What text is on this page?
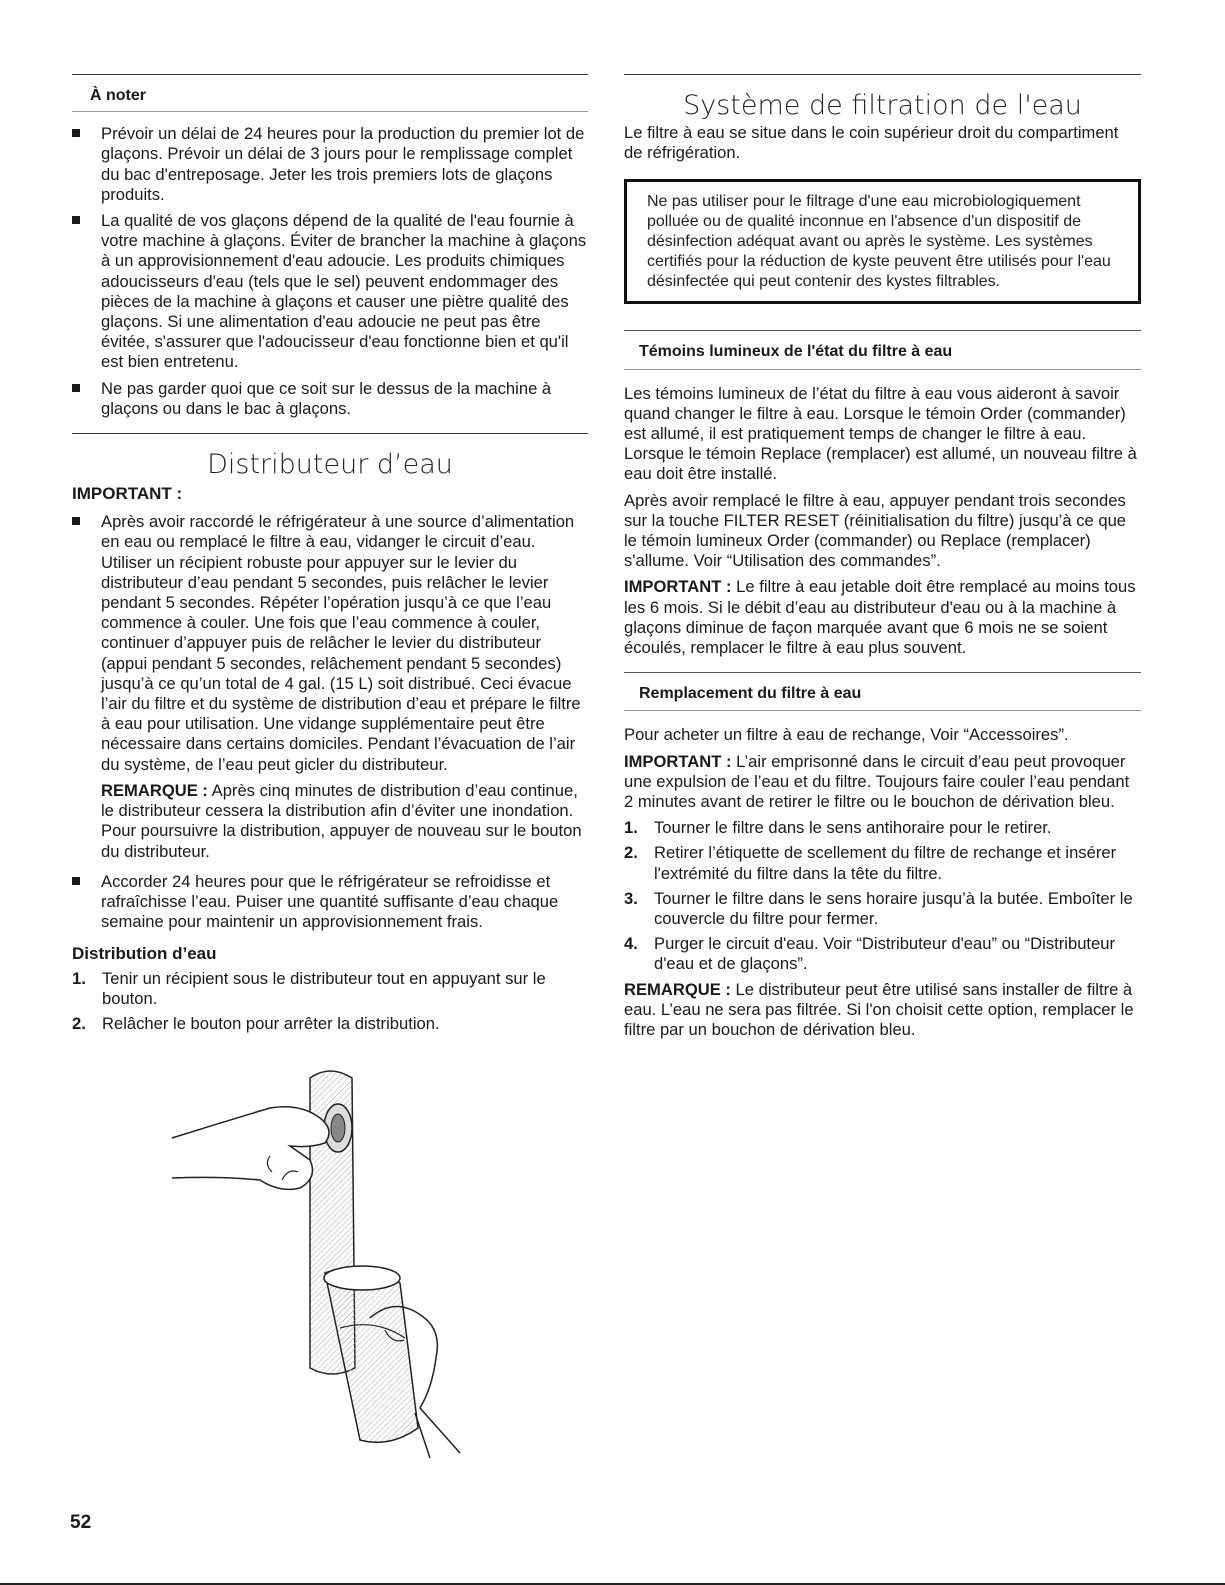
À noter
Prévoir un délai de 24 heures pour la production du premier lot de glaçons. Prévoir un délai de 3 jours pour le remplissage complet du bac d'entreposage. Jeter les trois premiers lots de glaçons produits.
La qualité de vos glaçons dépend de la qualité de l'eau fournie à votre machine à glaçons. Éviter de brancher la machine à glaçons à un approvisionnement d'eau adoucie. Les produits chimiques adoucisseurs d'eau (tels que le sel) peuvent endommager des pièces de la machine à glaçons et causer une piètre qualité des glaçons. Si une alimentation d'eau adoucie ne peut pas être évitée, s'assurer que l'adoucisseur d'eau fonctionne bien et qu'il est bien entretenu.
Ne pas garder quoi que ce soit sur le dessus de la machine à glaçons ou dans le bac à glaçons.
Distributeur d’eau
IMPORTANT :

Après avoir raccordé le réfrigérateur à une source d’alimentation en eau ou remplacé le filtre à eau, vidanger le circuit d’eau. Utiliser un récipient robuste pour appuyer sur le levier du distributeur d’eau pendant 5 secondes, puis relâcher le levier pendant 5 secondes. Répéter l’opération jusqu’à ce que l’eau commence à couler. Une fois que l’eau commence à couler, continuer d’appuyer puis de relâcher le levier du distributeur (appui pendant 5 secondes, relâchement pendant 5 secondes) jusqu’à ce qu’un total de 4 gal. (15 L) soit distribué. Ceci évacue l’air du filtre et du système de distribution d’eau et prépare le filtre à eau pour utilisation. Une vidange supplémentaire peut être nécessaire dans certains domiciles. Pendant l’évacuation de l’air du système, de l’eau peut gicler du distributeur.

REMARQUE : Après cinq minutes de distribution d’eau continue, le distributeur cessera la distribution afin d’éviter une inondation. Pour poursuivre la distribution, appuyer de nouveau sur le bouton du distributeur.

Accorder 24 heures pour que le réfrigérateur se refroidisse et rafraîchisse l’eau. Puiser une quantité suffisante d’eau chaque semaine pour maintenir un approvisionnement frais.
Distribution d’eau
1. Tenir un récipient sous le distributeur tout en appuyant sur le bouton.
2. Relâcher le bouton pour arrêter la distribution.
Système de filtration de l'eau

Le filtre à eau se situe dans le coin supérieur droit du compartiment de réfrigération.

Ne pas utiliser pour le filtrage d'une eau microbiologiquement polluée ou de qualité inconnue en l'absence d'un dispositif de désinfection adéquat avant ou après le système. Les systèmes certifiés pour la réduction de kyste peuvent être utilisés pour l'eau désinfectée qui peut contenir des kystes filtrables.
Témoins lumineux de l'état du filtre à eau

Les témoins lumineux de l’état du filtre à eau vous aideront à savoir quand changer le filtre à eau. Lorsque le témoin Order (commander) est allumé, il est pratiquement temps de changer le filtre à eau. Lorsque le témoin Replace (remplacer) est allumé, un nouveau filtre à eau doit être installé.

Après avoir remplacé le filtre à eau, appuyer pendant trois secondes sur la touche FILTER RESET (réinitialisation du filtre) jusqu’à ce que le témoin lumineux Order (commander) ou Replace (remplacer) s'allume. Voir “Utilisation des commandes”.

IMPORTANT : Le filtre à eau jetable doit être remplacé au moins tous les 6 mois. Si le débit d’eau au distributeur d'eau ou à la machine à glaçons diminue de façon marquée avant que 6 mois ne se soient écoulés, remplacer le filtre à eau plus souvent.

Remplacement du filtre à eau

Pour acheter un filtre à eau de rechange, Voir “Accessoires”.

IMPORTANT : L’air emprisonné dans le circuit d’eau peut provoquer une expulsion de l’eau et du filtre. Toujours faire couler l’eau pendant 2 minutes avant de retirer le filtre ou le bouchon de dérivation bleu.

1. Tourner le filtre dans le sens antihoraire pour le retirer.
2. Retirer l’étiquette de scellement du filtre de rechange et insérer l'extrémité du filtre dans la tête du filtre.
3. Tourner le filtre dans le sens horaire jusqu’à la butée. Emboîter le couvercle du filtre pour fermer.
4. Purger le circuit d'eau. Voir “Distributeur d'eau” ou “Distributeur d'eau et de glaçons”.

REMARQUE : Le distributeur peut être utilisé sans installer de filtre à eau. L’eau ne sera pas filtrée. Si l'on choisit cette option, remplacer le filtre par un bouchon de dérivation bleu.

52
